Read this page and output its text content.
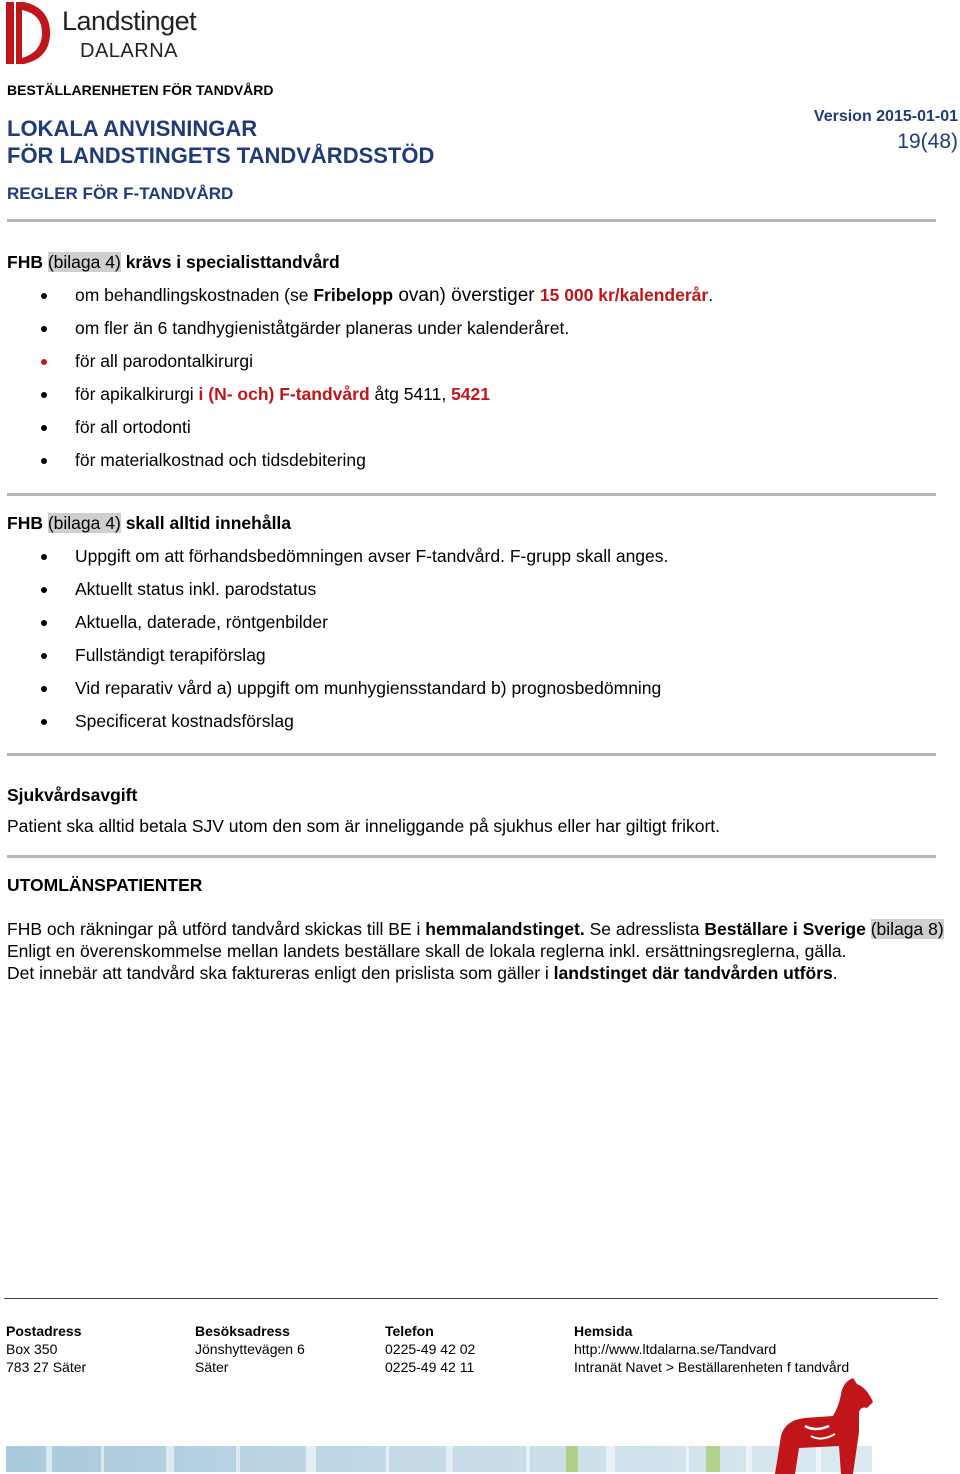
Landstinget
DALARNA
BESTÄLLARENHETEN FÖR TANDVÅRD
LOKALA ANVISNINGAR
FÖR LANDSTINGETS TANDVÅRDSSTÖD
Version 2015-01-01
19(48)
REGLER FÖR F-TANDVÅRD
FHB (bilaga 4) krävs i specialisttandvård
om behandlingskostnaden (se Fribelopp ovan) överstiger 15 000 kr/kalenderår.
om fler än 6 tandhygieniståtgärder planeras under kalenderåret.
för all parodontalkirurgi
för apikalkirurgi i (N- och) F-tandvård åtg 5411, 5421
för all ortodonti
för materialkostnad och tidsdebitering
FHB (bilaga 4) skall alltid innehålla
Uppgift om att förhandsbedömningen avser F-tandvård. F-grupp skall anges.
Aktuellt status inkl. parodstatus
Aktuella, daterade, röntgenbilder
Fullständigt terapiförslag
Vid reparativ vård a) uppgift om munhygiensstandard b) prognosbedömning
Specificerat kostnadsförslag
Sjukvårdsavgift
Patient ska alltid betala SJV utom den som är inneliggande på sjukhus eller har giltigt frikort.
UTOMLÄNSPATIENTER
FHB och räkningar på utförd tandvård skickas till BE i hemmalandstinget. Se adresslista Beställare i Sverige (bilaga 8)
Enligt en överenskommelse mellan landets beställare skall de lokala reglerna inkl. ersättningsreglerna, gälla.
Det innebär att tandvård ska faktureras enligt den prislista som gäller i landstinget där tandvården utförs.
Postadress
Box 350
783 27 Säter
Besöksadress
Jönshyttevägen 6
Säter
Telefon
0225-49 42 02
0225-49 42 11
Hemsida
http://www.ltdalarna.se/Tandvard
Intranät Navet > Beställarenheten f tandvård
